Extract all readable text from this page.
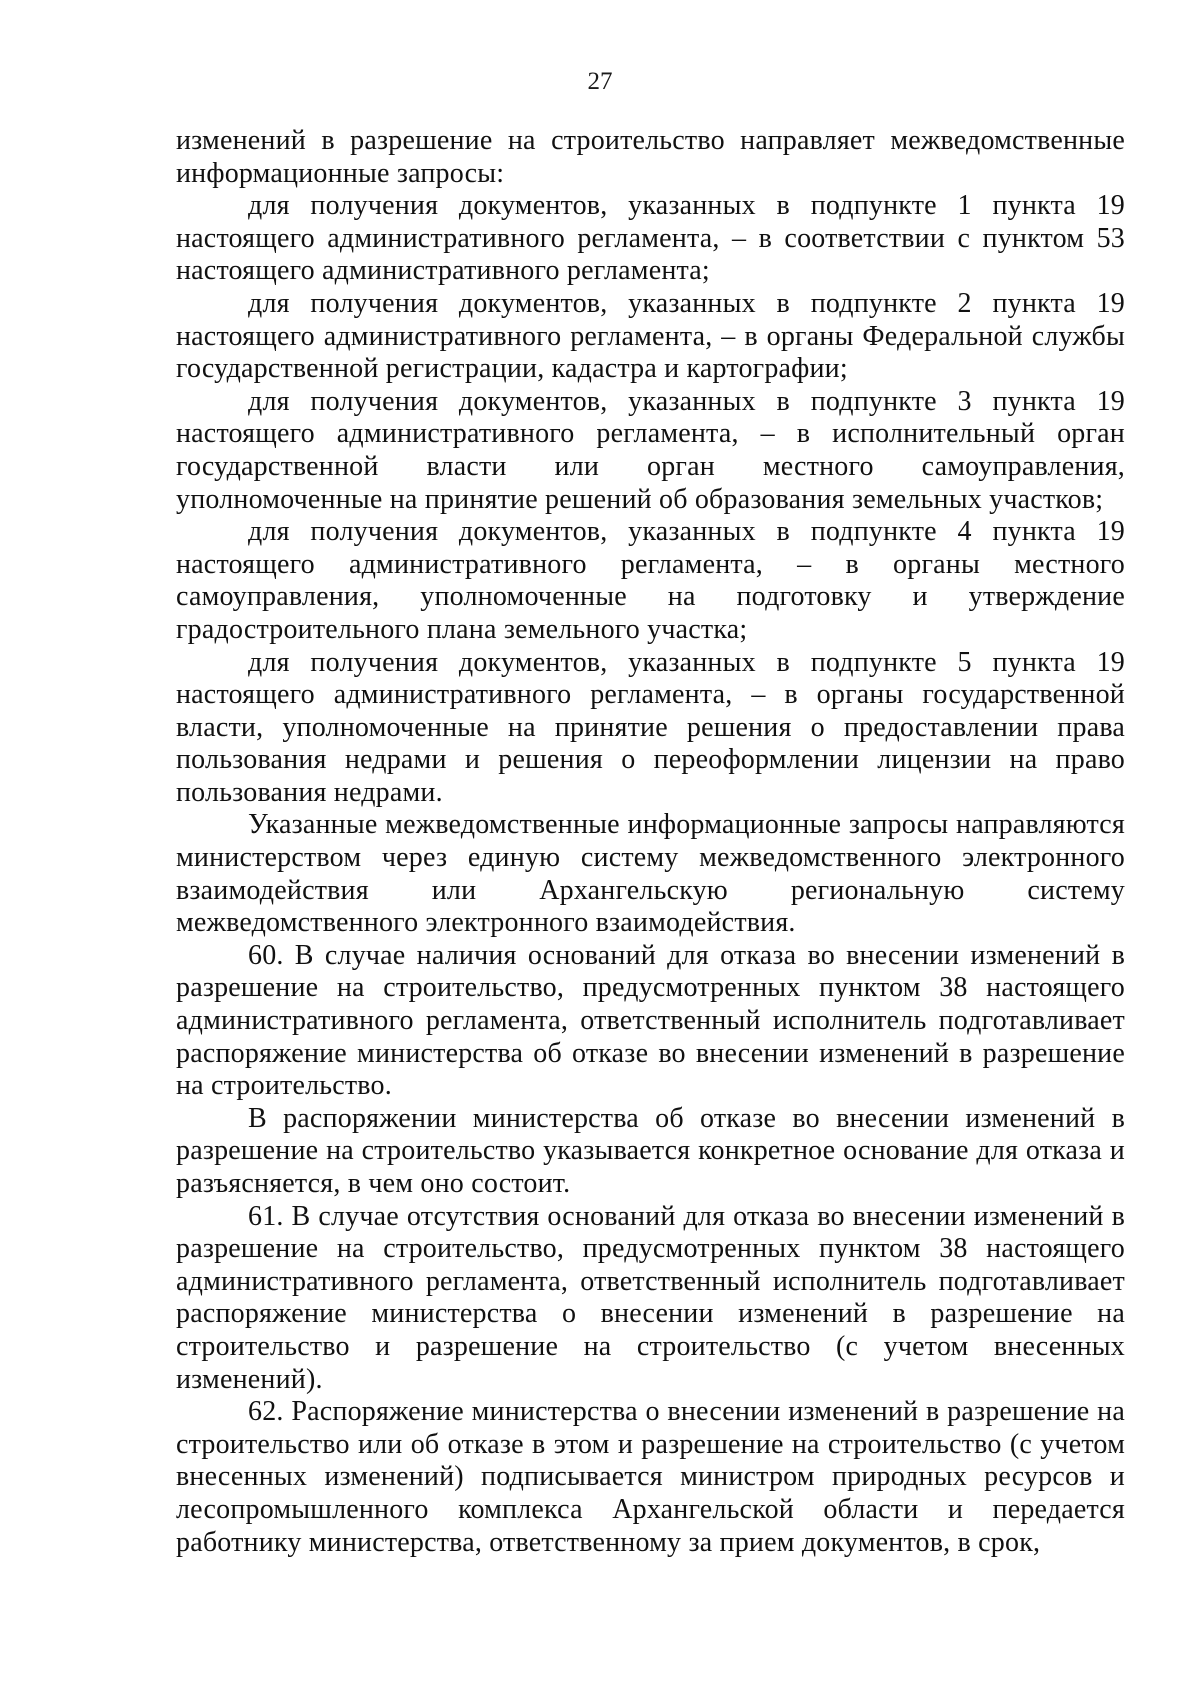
27

изменений в разрешение на строительство направляет межведомственные информационные запросы:

для получения документов, указанных в подпункте 1 пункта 19 настоящего административного регламента, – в соответствии с пунктом 53 настоящего административного регламента;

для получения документов, указанных в подпункте 2 пункта 19 настоящего административного регламента, – в органы Федеральной службы государственной регистрации, кадастра и картографии;

для получения документов, указанных в подпункте 3 пункта 19 настоящего административного регламента, – в исполнительный орган государственной власти или орган местного самоуправления, уполномоченные на принятие решений об образования земельных участков;

для получения документов, указанных в подпункте 4 пункта 19 настоящего административного регламента, – в органы местного самоуправления, уполномоченные на подготовку и утверждение градостроительного плана земельного участка;

для получения документов, указанных в подпункте 5 пункта 19 настоящего административного регламента, – в органы государственной власти, уполномоченные на принятие решения о предоставлении права пользования недрами и решения о переоформлении лицензии на право пользования недрами.

Указанные межведомственные информационные запросы направляются министерством через единую систему межведомственного электронного взаимодействия или Архангельскую региональную систему межведомственного электронного взаимодействия.

60. В случае наличия оснований для отказа во внесении изменений в разрешение на строительство, предусмотренных пунктом 38 настоящего административного регламента, ответственный исполнитель подготавливает распоряжение министерства об отказе во внесении изменений в разрешение на строительство.

В распоряжении министерства об отказе во внесении изменений в разрешение на строительство указывается конкретное основание для отказа и разъясняется, в чем оно состоит.

61. В случае отсутствия оснований для отказа во внесении изменений в разрешение на строительство, предусмотренных пунктом 38 настоящего административного регламента, ответственный исполнитель подготавливает распоряжение министерства о внесении изменений в разрешение на строительство и разрешение на строительство (с учетом внесенных изменений).

62. Распоряжение министерства о внесении изменений в разрешение на строительство или об отказе в этом и разрешение на строительство (с учетом внесенных изменений) подписывается министром природных ресурсов и лесопромышленного комплекса Архангельской области и передается работнику министерства, ответственному за прием документов, в срок,
